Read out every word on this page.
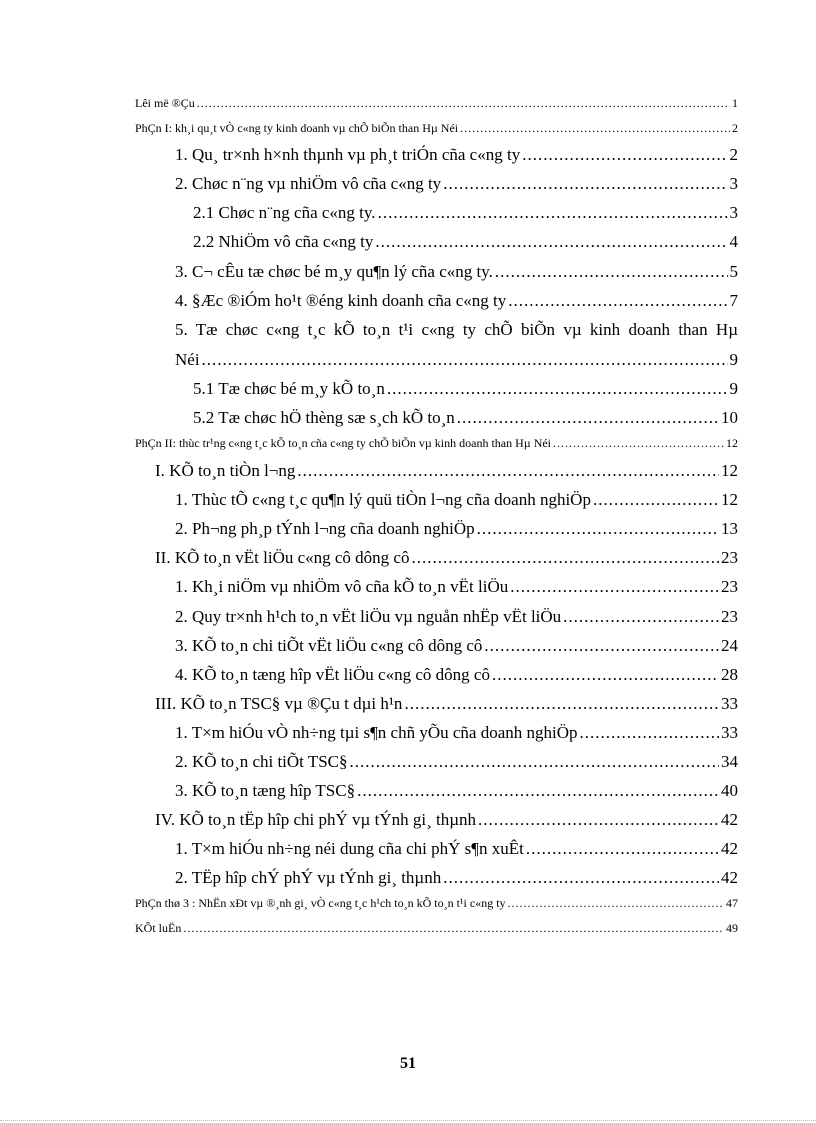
Lêi më ®Çu .....	1
PhÇn I: kh¸i qu¸t vÒ c«ng ty kinh doanh vµ chÕ biÕn than Hµ Néi .....	2
1. Qu¸ tr×nh h×nh thµnh vµ ph¸t triÓn cña c«ng ty .....	2
2. Chøc n¨ng vµ nhiÖm vô cña c«ng ty .....	3
2.1 Chøc n¨ng cña c«ng ty. .....	3
2.2 NhiÖm vô cña c«ng ty .....	4
3. C¬ cÊu tæ chøc bé m¸y qu¶n lý cña c«ng ty. .....	5
4. §Æc ®iÓm ho¹t ®éng kinh doanh cña c«ng ty .....	7
5. Tæ chøc c«ng t¸c kÕ to¸n t¹i c«ng ty chÕ biÕn vµ kinh doanh than Hµ
Néi .....	9
5.1 Tæ chøc bé m¸y kÕ to¸n .....	9
5.2 Tæ chøc hÖ thèng sæ s¸ch kÕ to¸n .....	10
PhÇn II: thùc tr¹ng c«ng t¸c kÕ to¸n cña c«ng ty chÕ biÕn vµ kinh doanh than Hµ Néi .....	12
I. KÕ to¸n tiÒn l¬ng .....	12
1. Thùc tÕ c«ng t¸c qu¶n lý quü tiÒn l¬ng cña doanh nghiÖp .....	12
2. Ph¬ng ph¸p tÝnh l¬ng cña doanh nghiÖp .....	13
II. KÕ to¸n vËt liÖu c«ng cô dông cô .....	23
1. Kh¸i niÖm vµ nhiÖm vô cña kÕ to¸n vËt liÖu .....	23
2. Quy tr×nh h¹ch to¸n vËt liÖu vµ nguån nhËp vËt liÖu .....	23
3. KÕ to¸n chi tiÕt vËt liÖu c«ng cô dông cô .....	24
4. KÕ to¸n tæng hîp vËt liÖu c«ng cô dông cô .....	28
III. KÕ to¸n TSC§ vµ ®Çu t dµi h¹n .....	33
1. T×m hiÓu vÒ nh÷ng tµi s¶n chñ yÕu cña doanh nghiÖp .....	33
2. KÕ to¸n chi tiÕt TSC§ .....	34
3. KÕ to¸n tæng hîp TSC§ .....	40
IV. KÕ to¸n tËp hîp chi phÝ vµ tÝnh gi¸ thµnh .....	42
1. T×m hiÓu nh÷ng néi dung cña chi phÝ s¶n xuÊt .....	42
2. TËp hîp chÝ phÝ vµ tÝnh gi¸ thµnh .....	42
PhÇn thø 3 : NhËn xÐt vµ ®¸nh gi¸ vÒ c«ng t¸c h¹ch to¸n kÕ to¸n t¹i c«ng ty .....	47
KÕt luËn .....	49
51
